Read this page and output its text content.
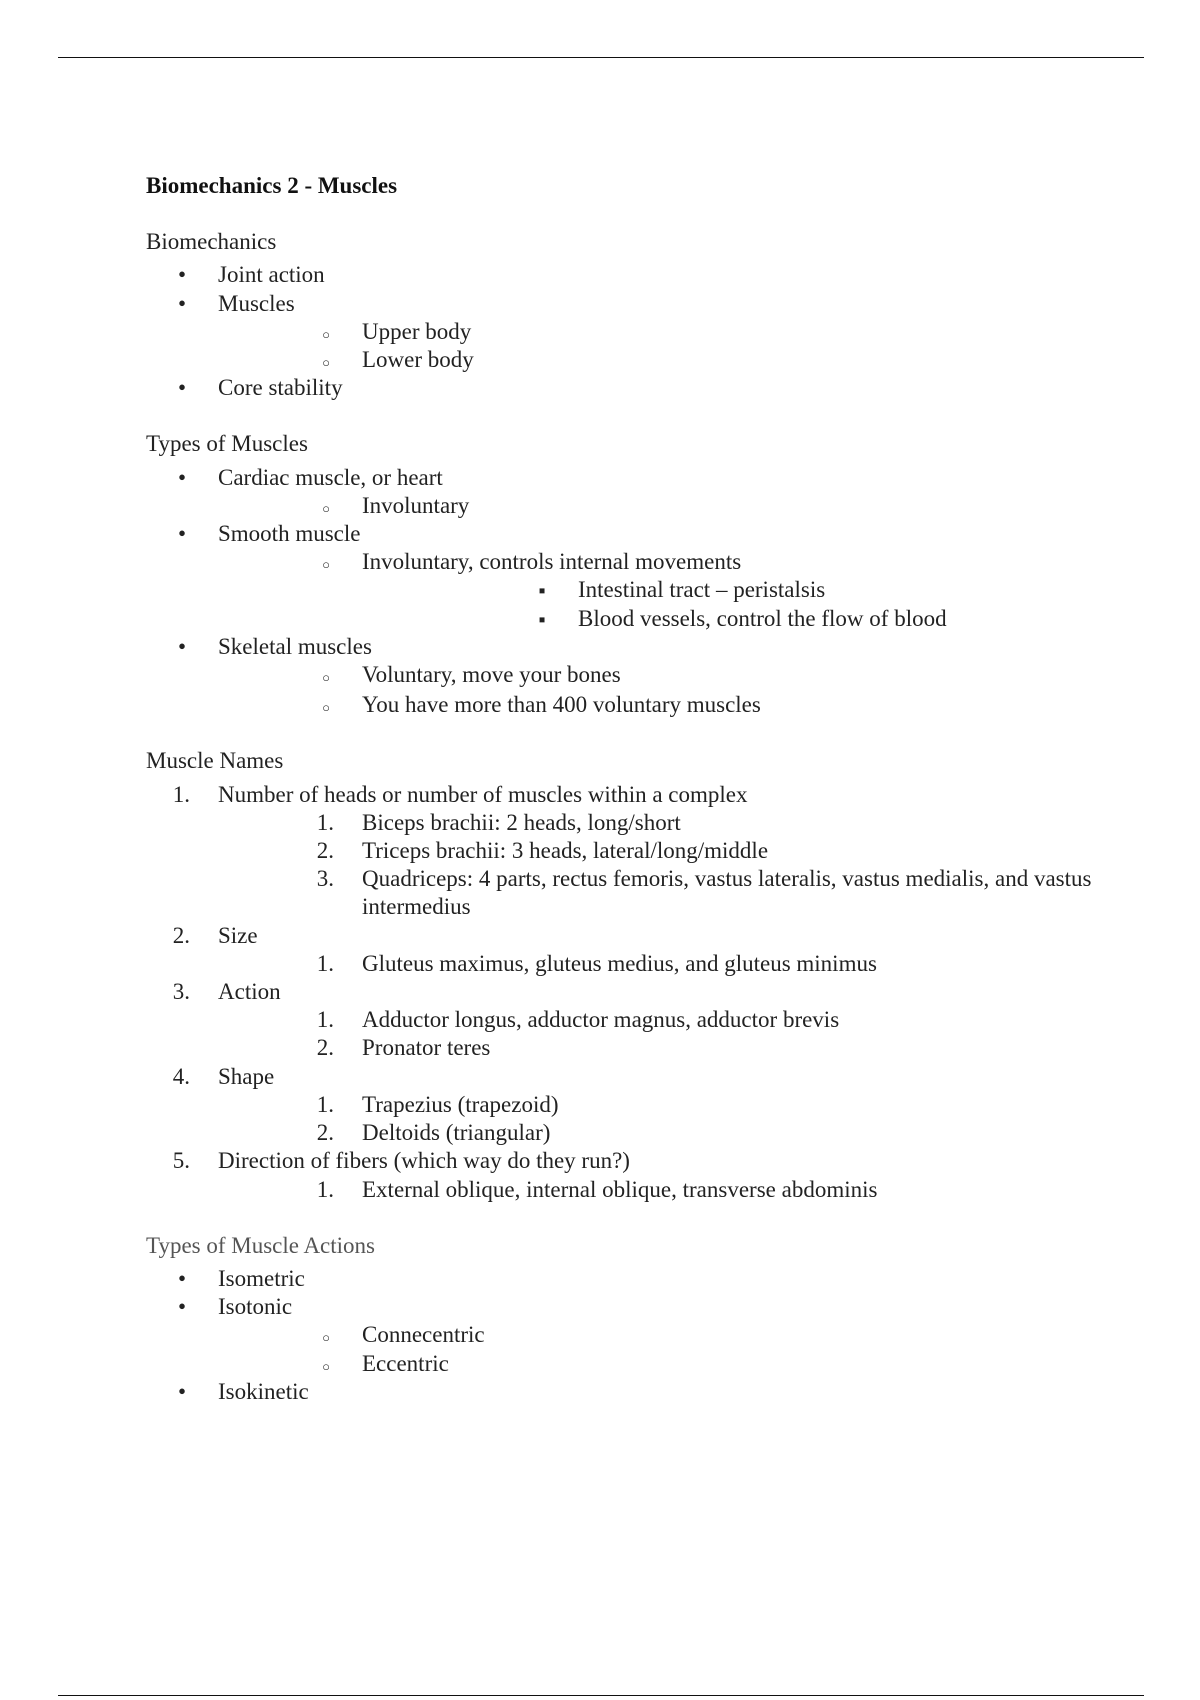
Biomechanics 2 - Muscles
Biomechanics
•
Joint action
•
Muscles
○
Upper body
○
Lower body
•
Core stability
Types of Muscles
•
Cardiac muscle, or heart
○
Involuntary
•
Smooth muscle
○
Involuntary, controls internal movements
▪
Intestinal tract – peristalsis
▪
Blood vessels, control the flow of blood
•
Skeletal muscles
○
Voluntary, move your bones
○
You have more than 400 voluntary muscles
Muscle Names
1.	Number of heads or number of muscles within a complex
1.	Biceps brachii: 2 heads, long/short
2.	Triceps brachii: 3 heads, lateral/long/middle
3.	Quadriceps: 4 parts, rectus femoris, vastus lateralis, vastus medialis, and vastus intermedius
2.	Size
1.	Gluteus maximus, gluteus medius, and gluteus minimus
3.	Action
1.	Adductor longus, adductor magnus, adductor brevis
2.	Pronator teres
4.	Shape
1.	Trapezius (trapezoid)
2.	Deltoids (triangular)
5.	Direction of fibers (which way do they run?)
1.	External oblique, internal oblique, transverse abdominis
Types of Muscle Actions
•
Isometric
•
Isotonic
○
Connecentric
○
Eccentric
•
Isokinetic
